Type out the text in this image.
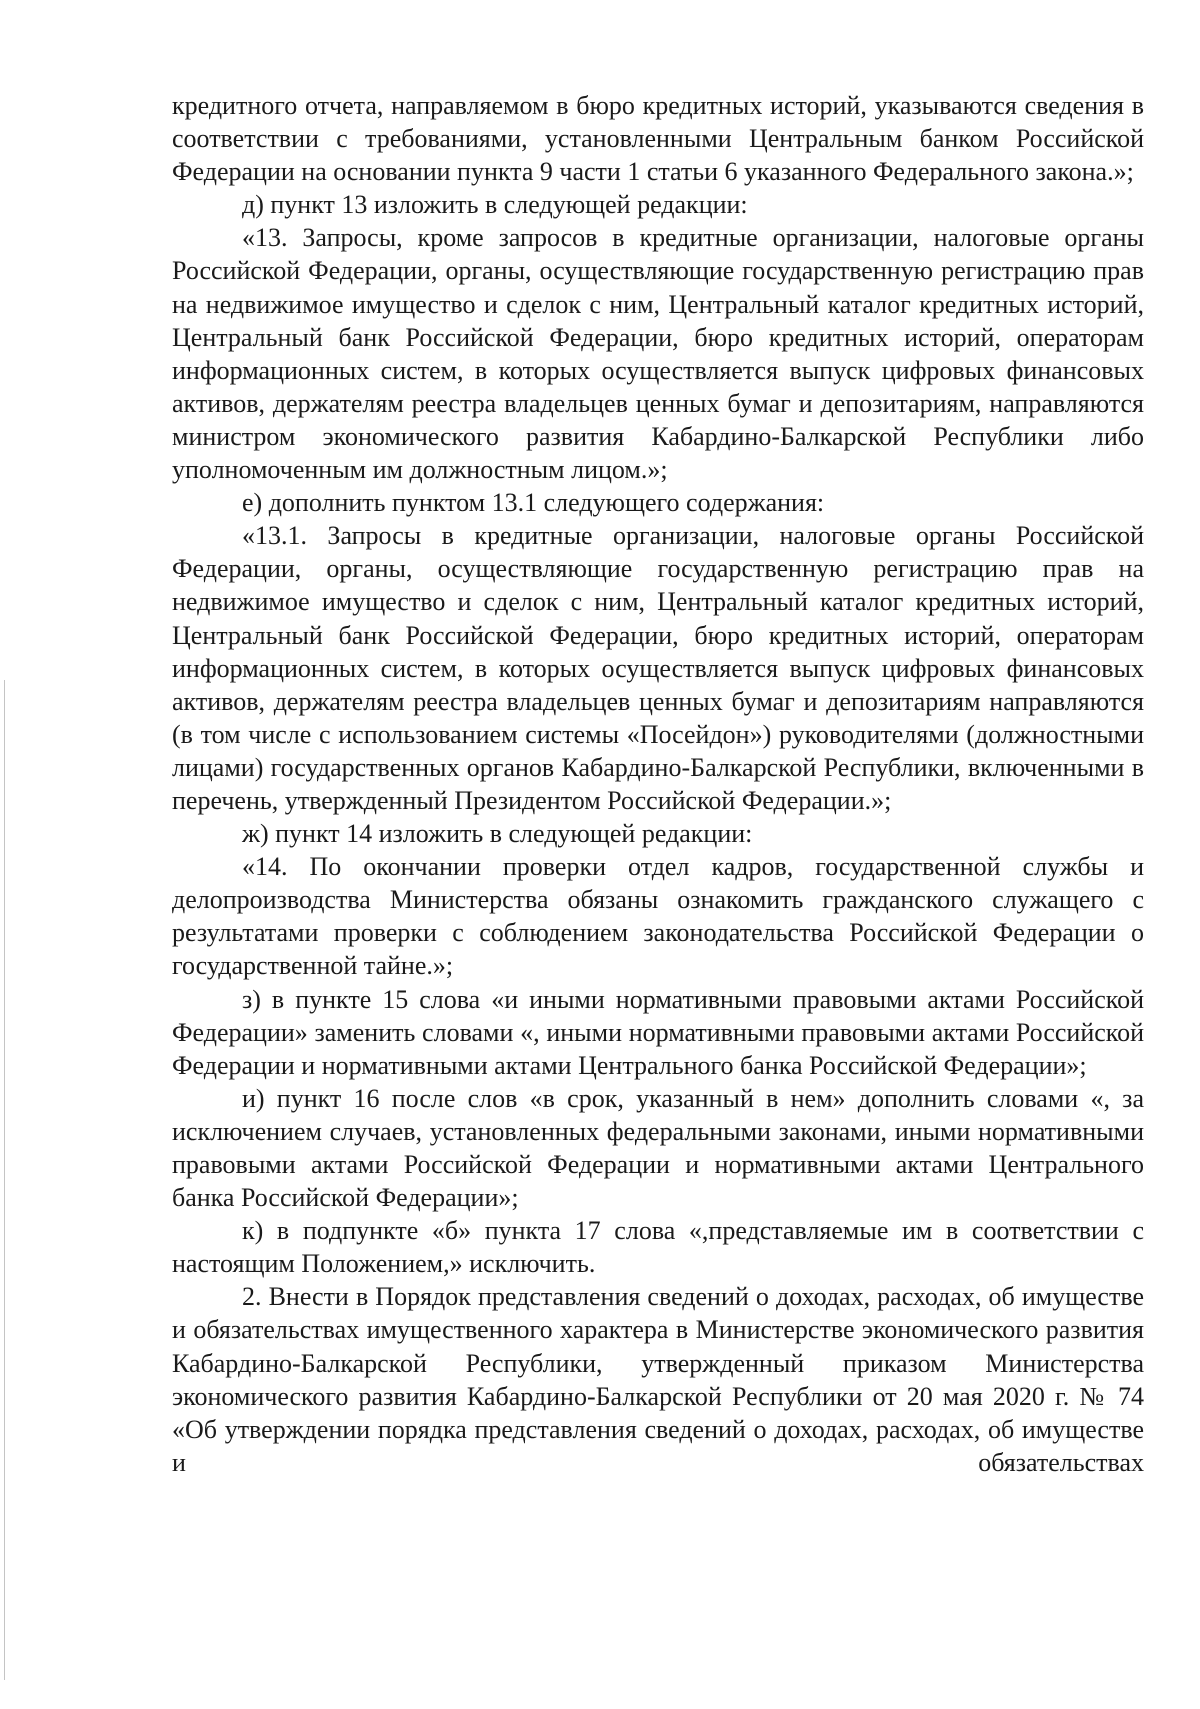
кредитного отчета, направляемом в бюро кредитных историй, указываются сведения в соответствии с требованиями, установленными Центральным банком Российской Федерации на основании пункта 9 части 1 статьи 6 указанного Федерального закона.»;

д) пункт 13 изложить в следующей редакции:

«13. Запросы, кроме запросов в кредитные организации, налоговые органы Российской Федерации, органы, осуществляющие государственную регистрацию прав на недвижимое имущество и сделок с ним, Центральный каталог кредитных историй, Центральный банк Российской Федерации, бюро кредитных историй, операторам информационных систем, в которых осуществляется выпуск цифровых финансовых активов, держателям реестра владельцев ценных бумаг и депозитариям, направляются министром экономического развития Кабардино-Балкарской Республики либо уполномоченным им должностным лицом.»;

е) дополнить пунктом 13.1 следующего содержания:

«13.1. Запросы в кредитные организации, налоговые органы Российской Федерации, органы, осуществляющие государственную регистрацию прав на недвижимое имущество и сделок с ним, Центральный каталог кредитных историй, Центральный банк Российской Федерации, бюро кредитных историй, операторам информационных систем, в которых осуществляется выпуск цифровых финансовых активов, держателям реестра владельцев ценных бумаг и депозитариям направляются (в том числе с использованием системы «Посейдон») руководителями (должностными лицами) государственных органов Кабардино-Балкарской Республики, включенными в перечень, утвержденный Президентом Российской Федерации.»;

ж) пункт 14 изложить в следующей редакции:

«14. По окончании проверки отдел кадров, государственной службы и делопроизводства Министерства обязаны ознакомить гражданского служащего с результатами проверки с соблюдением законодательства Российской Федерации о государственной тайне.»;

з) в пункте 15 слова «и иными нормативными правовыми актами Российской Федерации» заменить словами «, иными нормативными правовыми актами Российской Федерации и нормативными актами Центрального банка Российской Федерации»;

и) пункт 16 после слов «в срок, указанный в нем» дополнить словами «, за исключением случаев, установленных федеральными законами, иными нормативными правовыми актами Российской Федерации и нормативными актами Центрального банка Российской Федерации»;

к) в подпункте «б» пункта 17 слова «,представляемые им в соответствии с настоящим Положением,» исключить.

2. Внести в Порядок представления сведений о доходах, расходах, об имуществе и обязательствах имущественного характера в Министерстве экономического развития Кабардино-Балкарской Республики, утвержденный приказом Министерства экономического развития Кабардино-Балкарской Республики от 20 мая 2020 г. № 74 «Об утверждении порядка представления сведений о доходах, расходах, об имуществе и обязательствах
